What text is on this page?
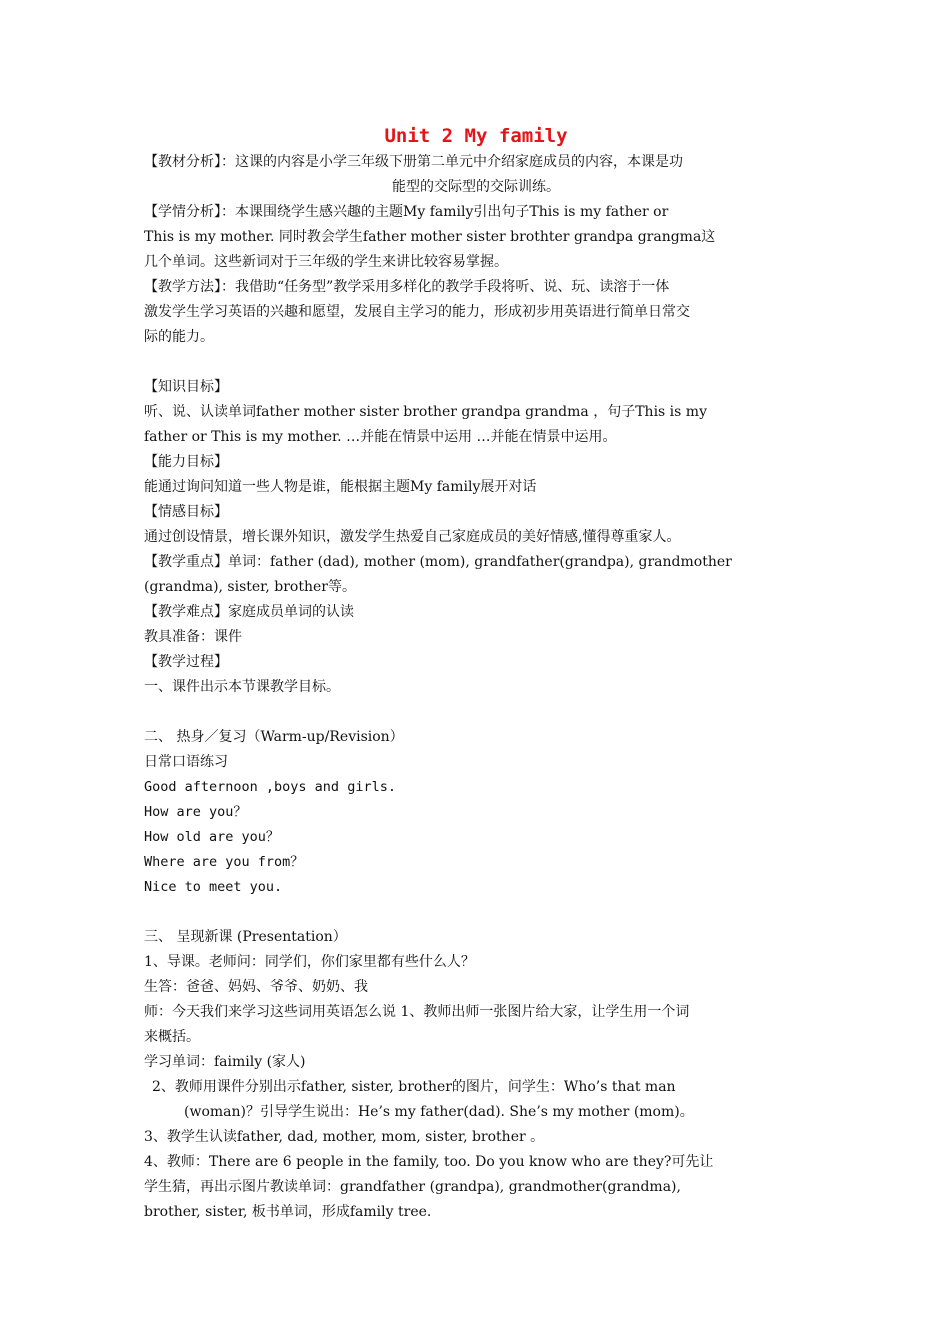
Unit 2 My family

【教材分析】：这课的内容是小学三年级下册第二单元中介绍家庭成员的内容，本课是功

能型的交际型的交际训练。

【学情分析】：本课围绕学生感兴趣的主题My family引出句子This is my father or

This is my mother. 同时教会学生father mother sister brothter grandpa grangma这

几个单词。这些新词对于三年级的学生来讲比较容易掌握。

【教学方法】：我借助“任务型”教学采用多样化的教学手段将听、说、玩、读溶于一体

激发学生学习英语的兴趣和愿望，发展自主学习的能力，形成初步用英语进行简单日常交

际的能力。

【知识目标】

听、说、认读单词father mother sister brother grandpa grandma ，句子This is my

father or This is my mother. …并能在情景中运用 …并能在情景中运用。

【能力目标】

能通过询问知道一些人物是谁，能根据主题My family展开对话

【情感目标】

通过创设情景，增长课外知识，激发学生热爱自己家庭成员的美好情感,懂得尊重家人。

【教学重点】单词：father (dad), mother (mom), grandfather(grandpa), grandmother

(grandma), sister, brother等。

【教学难点】家庭成员单词的认读

教具准备：课件

【教学过程】

一、课件出示本节课教学目标。

二、 热身／复习（Warm-up/Revision）

日常口语练习

Good afternoon ,boys and girls.

How are you？

How old are you？

Where are you from？

Nice to meet you.

三、 呈现新课 (Presentation）

1、导课。老师问：同学们，你们家里都有些什么人？

生答：爸爸、妈妈、爷爷、奶奶、我

师：今天我们来学习这些词用英语怎么说 1、教师出师一张图片给大家，让学生用一个词

来概括。

学习单词：faimily (家人)

2、教师用课件分别出示father, sister, brother的图片，问学生：Who’s that man

(woman)？引导学生说出：He’s my father(dad). She’s my mother (mom)。

3、教学生认读father, dad, mother, mom, sister, brother 。

4、教师：There are 6 people in the family, too. Do you know who are they?可先让

学生猜，再出示图片教读单词：grandfather (grandpa), grandmother(grandma),

brother, sister, 板书单词，形成family tree.
